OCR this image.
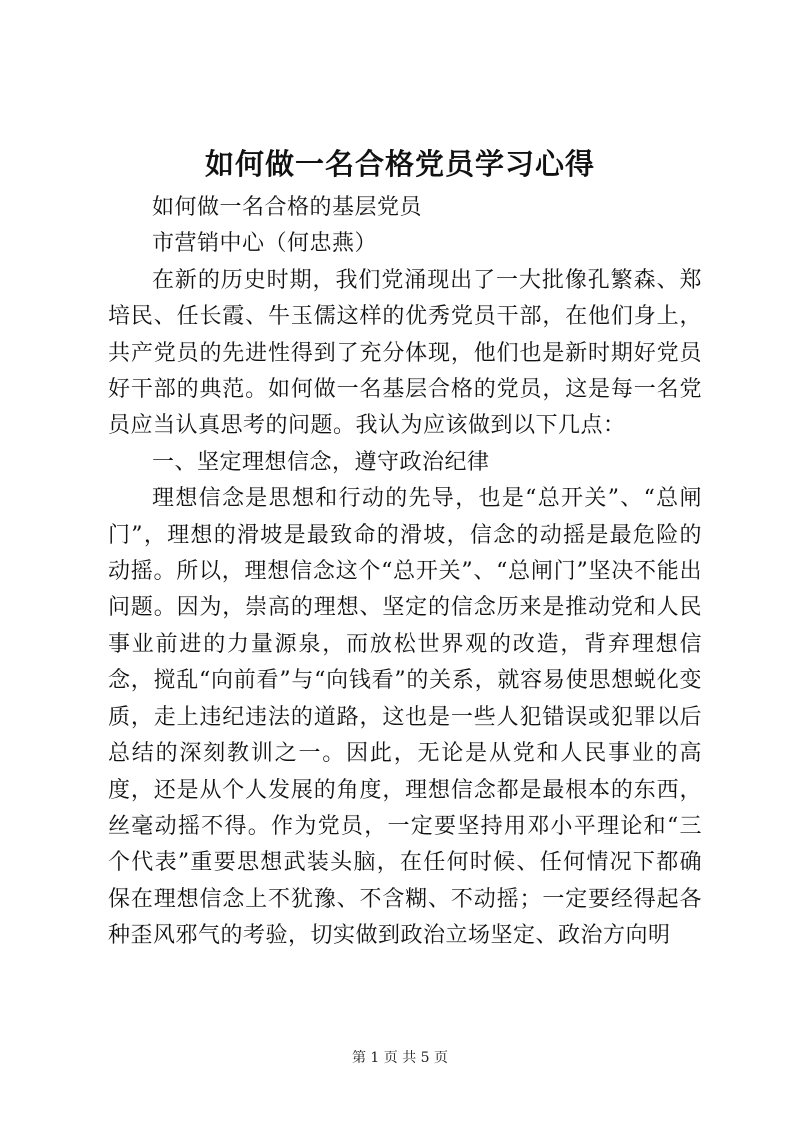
如何做一名合格党员学习心得

如何做一名合格的基层党员

市营销中心（何忠燕）

在新的历史时期，我们党涌现出了一大批像孔繁森、郑培民、任长霞、牛玉儒这样的优秀党员干部，在他们身上，共产党员的先进性得到了充分体现，他们也是新时期好党员好干部的典范。如何做一名基层合格的党员，这是每一名党员应当认真思考的问题。我认为应该做到以下几点：

一、坚定理想信念，遵守政治纪律

理想信念是思想和行动的先导，也是“总开关”、“总闸门”，理想的滑坡是最致命的滑坡，信念的动摇是最危险的动摇。所以，理想信念这个“总开关”、“总闸门”坚决不能出问题。因为，崇高的理想、坚定的信念历来是推动党和人民事业前进的力量源泉，而放松世界观的改造，背弃理想信念，搅乱“向前看”与“向钱看”的关系，就容易使思想蜕化变质，走上违纪违法的道路，这也是一些人犯错误或犯罪以后总结的深刻教训之一。因此，无论是从党和人民事业的高度，还是从个人发展的角度，理想信念都是最根本的东西，丝毫动摇不得。作为党员，一定要坚持用邓小平理论和“三个代表”重要思想武装头脑，在任何时候、任何情况下都确保在理想信念上不犹豫、不含糊、不动摇；一定要经得起各种歪风邪气的考验，切实做到政治立场坚定、政治方向明

第 1 页 共 5 页
